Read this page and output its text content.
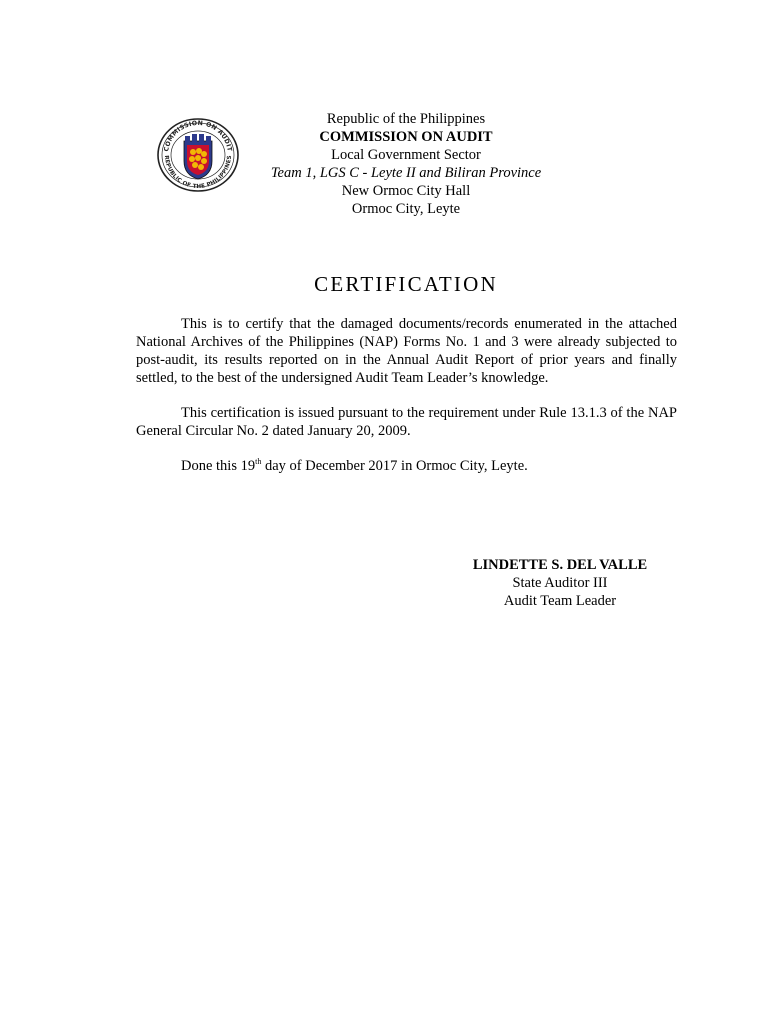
COMMISSION ON AUDIT
REPUBLIC OF THE PHILIPPINES
Republic of the Philippines
COMMISSION ON AUDIT
Local Government Sector
Team 1, LGS C - Leyte II and Biliran Province
New Ormoc City Hall
Ormoc City, Leyte
CERTIFICATION

This is to certify that the damaged documents/records enumerated in the attached National Archives of the Philippines (NAP) Forms No. 1 and 3 were already subjected to post-audit, its results reported on in the Annual Audit Report of prior years and finally settled, to the best of the undersigned Audit Team Leader’s knowledge.

This certification is issued pursuant to the requirement under Rule 13.1.3 of the NAP General Circular No. 2 dated January 20, 2009.

Done this 19th day of December 2017 in Ormoc City, Leyte.

LINDETTE S. DEL VALLE
State Auditor III
Audit Team Leader
